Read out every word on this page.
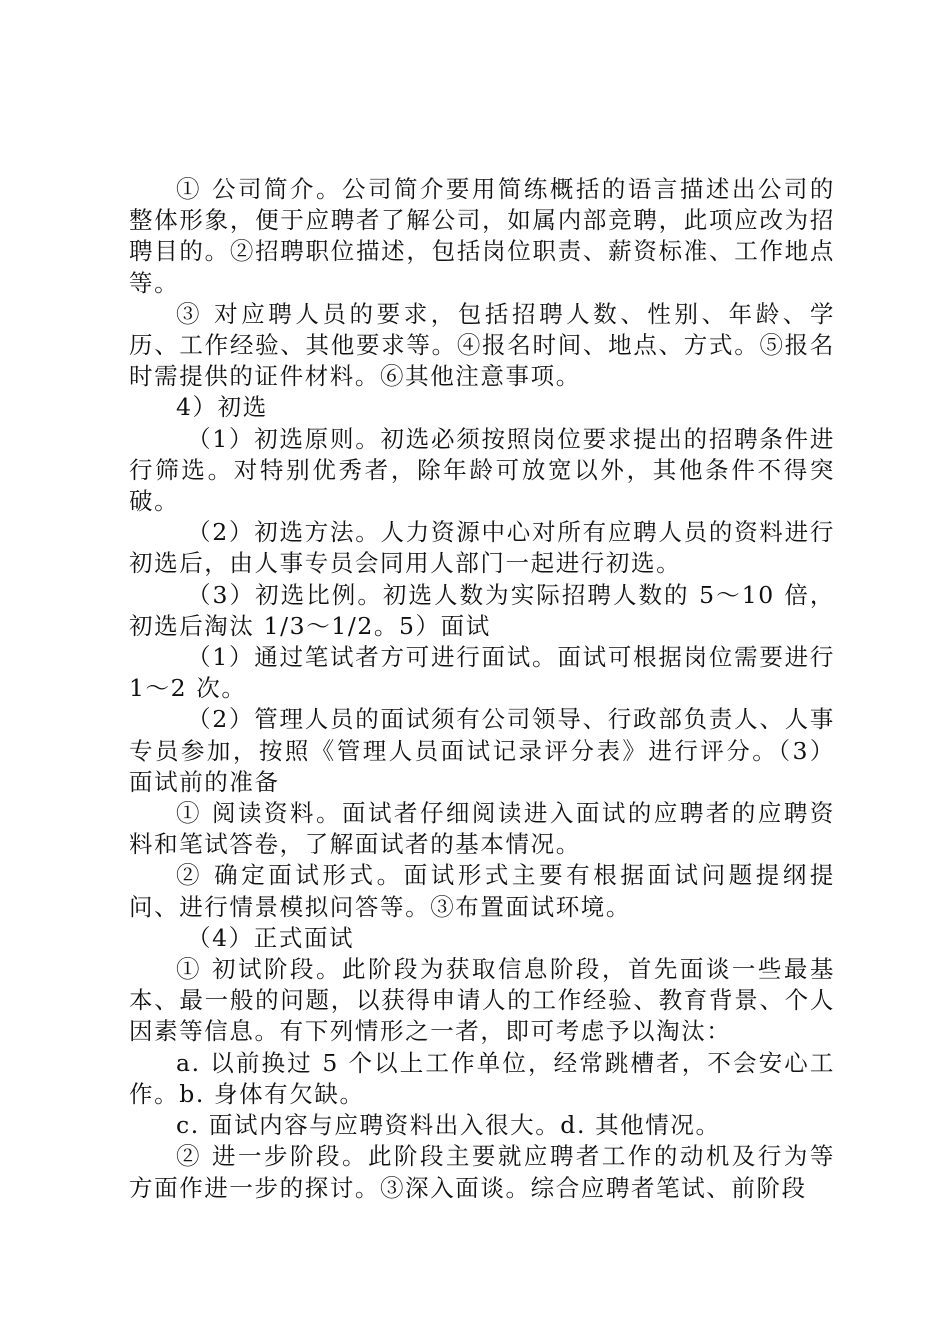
① 公司简介。公司简介要用简练概括的语言描述出公司的整体形象，便于应聘者了解公司，如属内部竞聘，此项应改为招聘目的。②招聘职位描述，包括岗位职责、薪资标准、工作地点等。

③ 对应聘人员的要求，包括招聘人数、性别、年龄、学历、工作经验、其他要求等。④报名时间、地点、方式。⑤报名时需提供的证件材料。⑥其他注意事项。

4）初选

（1）初选原则。初选必须按照岗位要求提出的招聘条件进行筛选。对特别优秀者，除年龄可放宽以外，其他条件不得突破。

（2）初选方法。人力资源中心对所有应聘人员的资料进行初选后，由人事专员会同用人部门一起进行初选。

（3）初选比例。初选人数为实际招聘人数的 5～10 倍，初选后淘汰 1/3～1/2。5）面试

（1）通过笔试者方可进行面试。面试可根据岗位需要进行 1～2 次。

（2）管理人员的面试须有公司领导、行政部负责人、人事专员参加，按照《管理人员面试记录评分表》进行评分。（3）面试前的准备

① 阅读资料。面试者仔细阅读进入面试的应聘者的应聘资料和笔试答卷，了解面试者的基本情况。

② 确定面试形式。面试形式主要有根据面试问题提纲提问、进行情景模拟问答等。③布置面试环境。

（4）正式面试

① 初试阶段。此阶段为获取信息阶段，首先面谈一些最基本、最一般的问题，以获得申请人的工作经验、教育背景、个人因素等信息。有下列情形之一者，即可考虑予以淘汰：

a. 以前换过 5 个以上工作单位，经常跳槽者，不会安心工作。b. 身体有欠缺。

c. 面试内容与应聘资料出入很大。d. 其他情况。

② 进一步阶段。此阶段主要就应聘者工作的动机及行为等方面作进一步的探讨。③深入面谈。综合应聘者笔试、前阶段
